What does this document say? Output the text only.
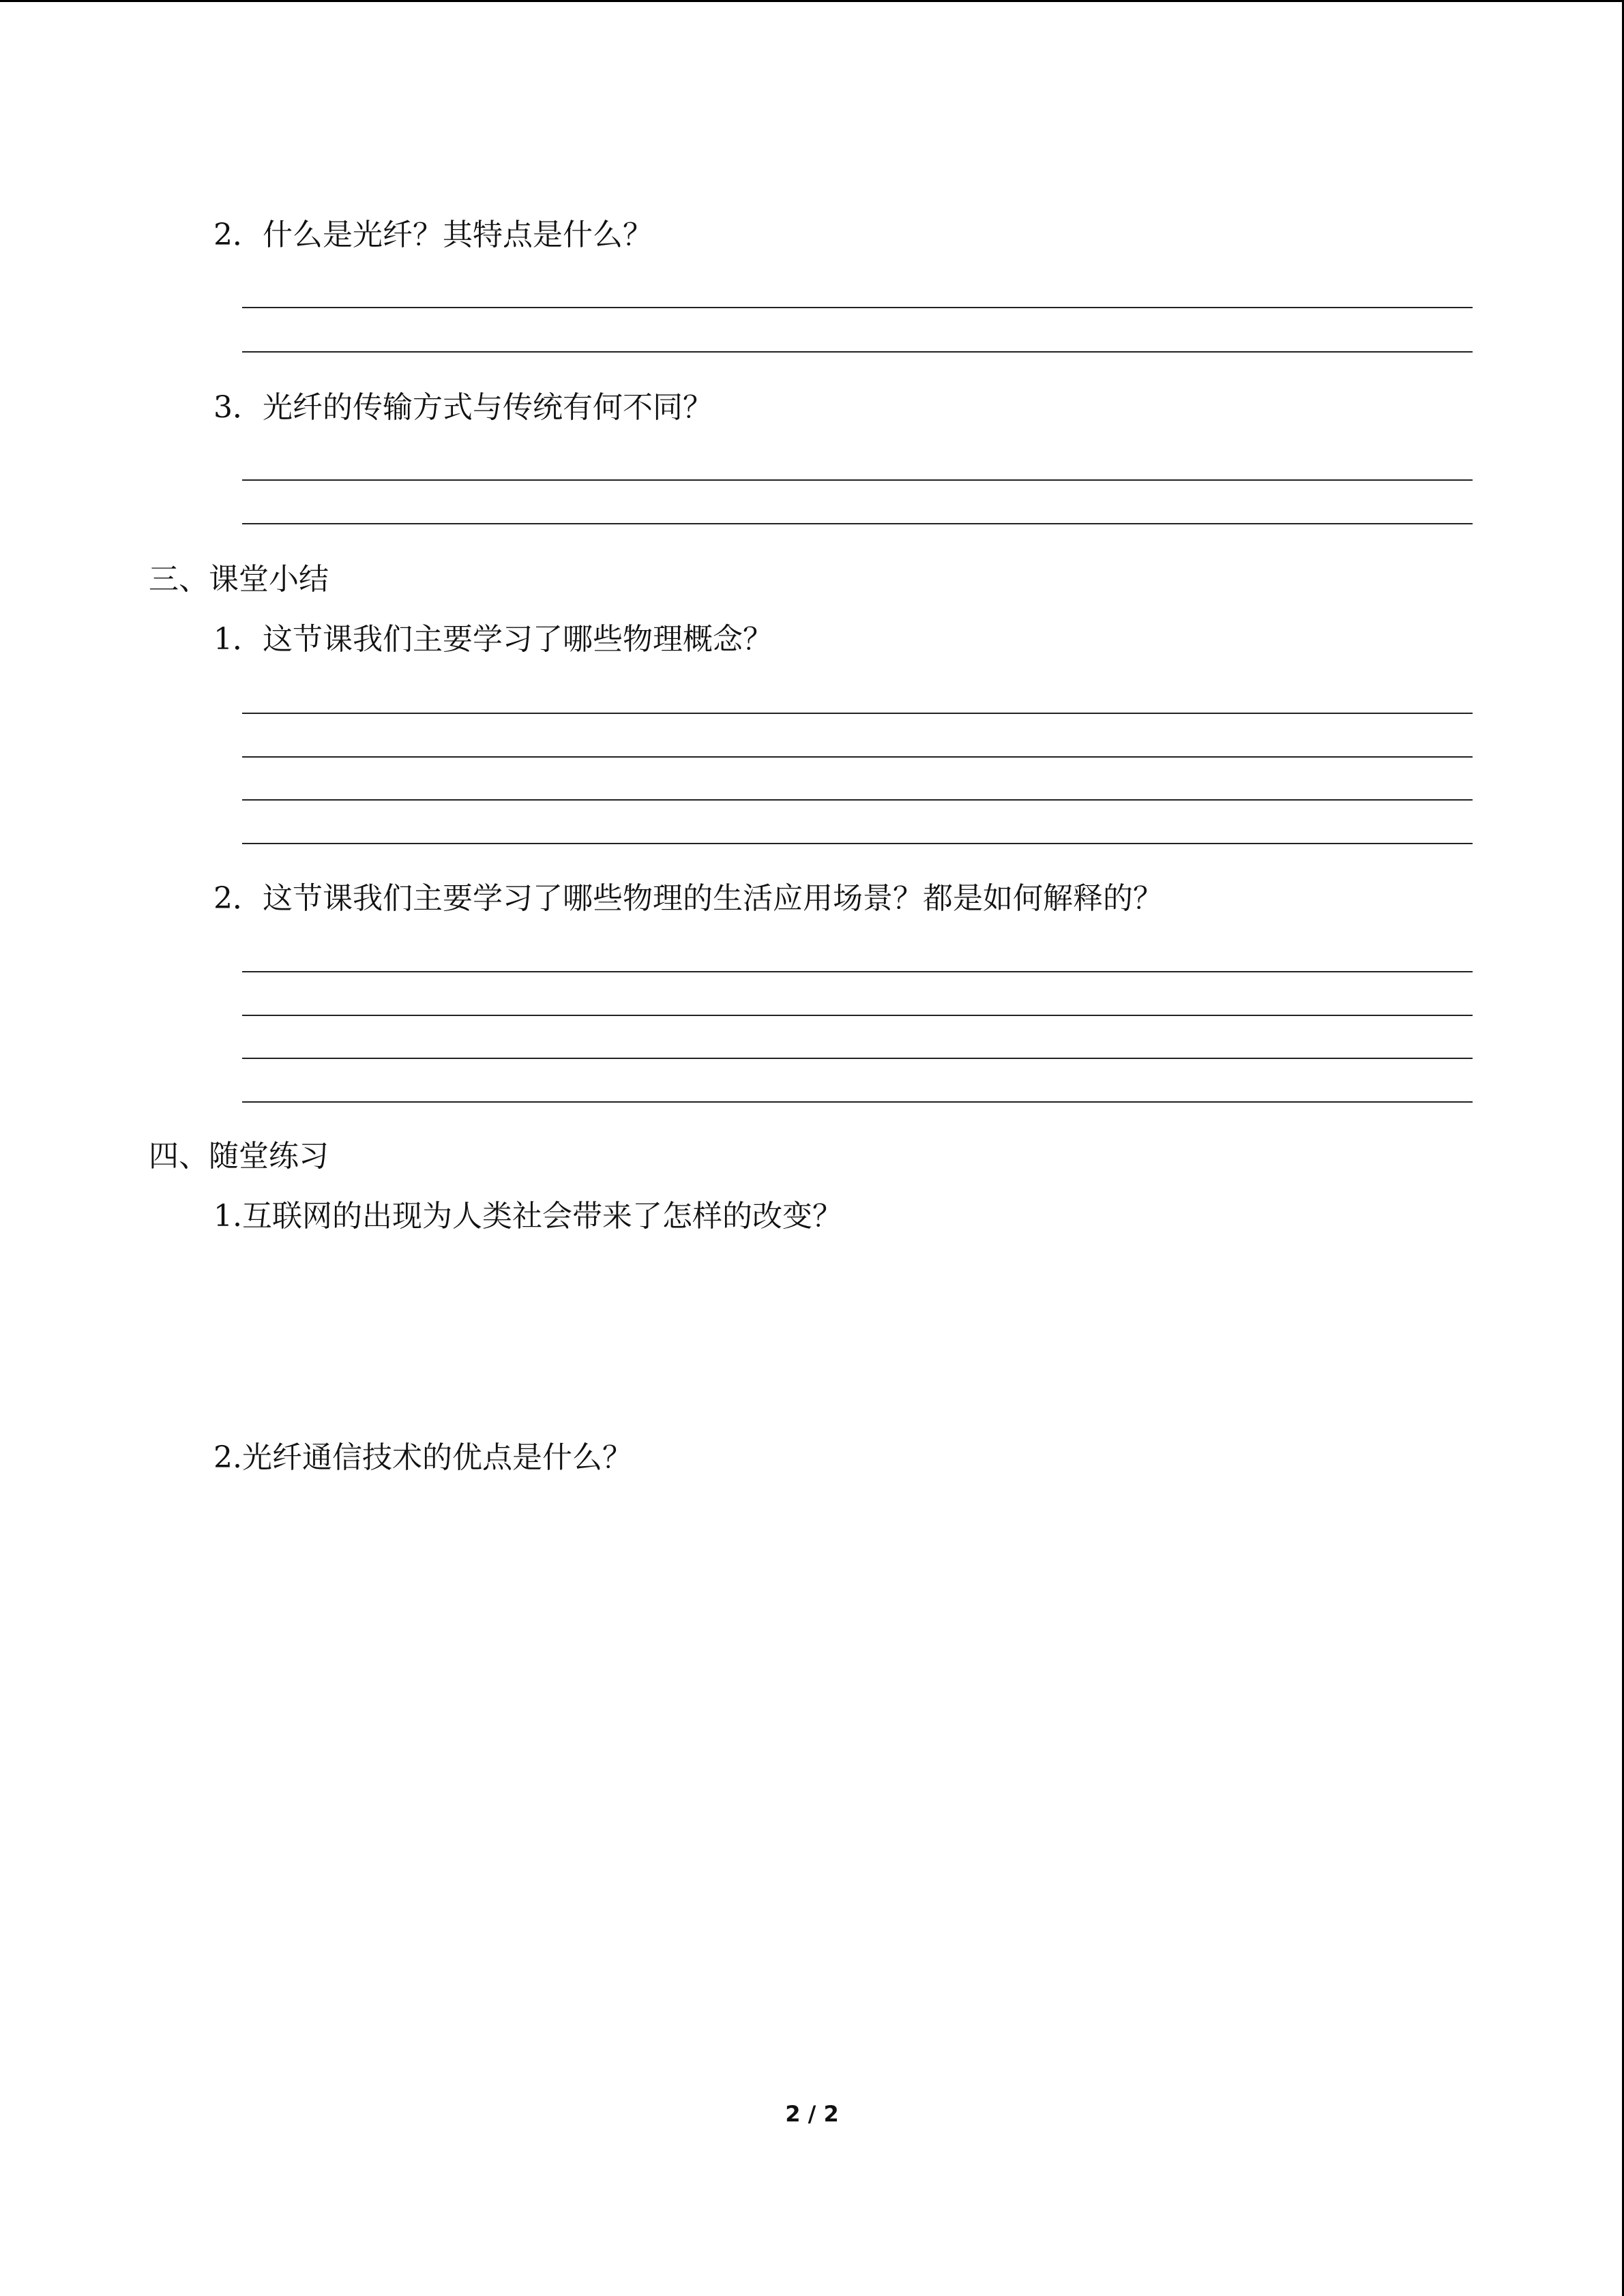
2．什么是光纤？其特点是什么？
3．光纤的传输方式与传统有何不同？
三、课堂小结
1．这节课我们主要学习了哪些物理概念？
2．这节课我们主要学习了哪些物理的生活应用场景？都是如何解释的？
四、随堂练习
1.互联网的出现为人类社会带来了怎样的改变？
2.光纤通信技术的优点是什么？
2 / 2
